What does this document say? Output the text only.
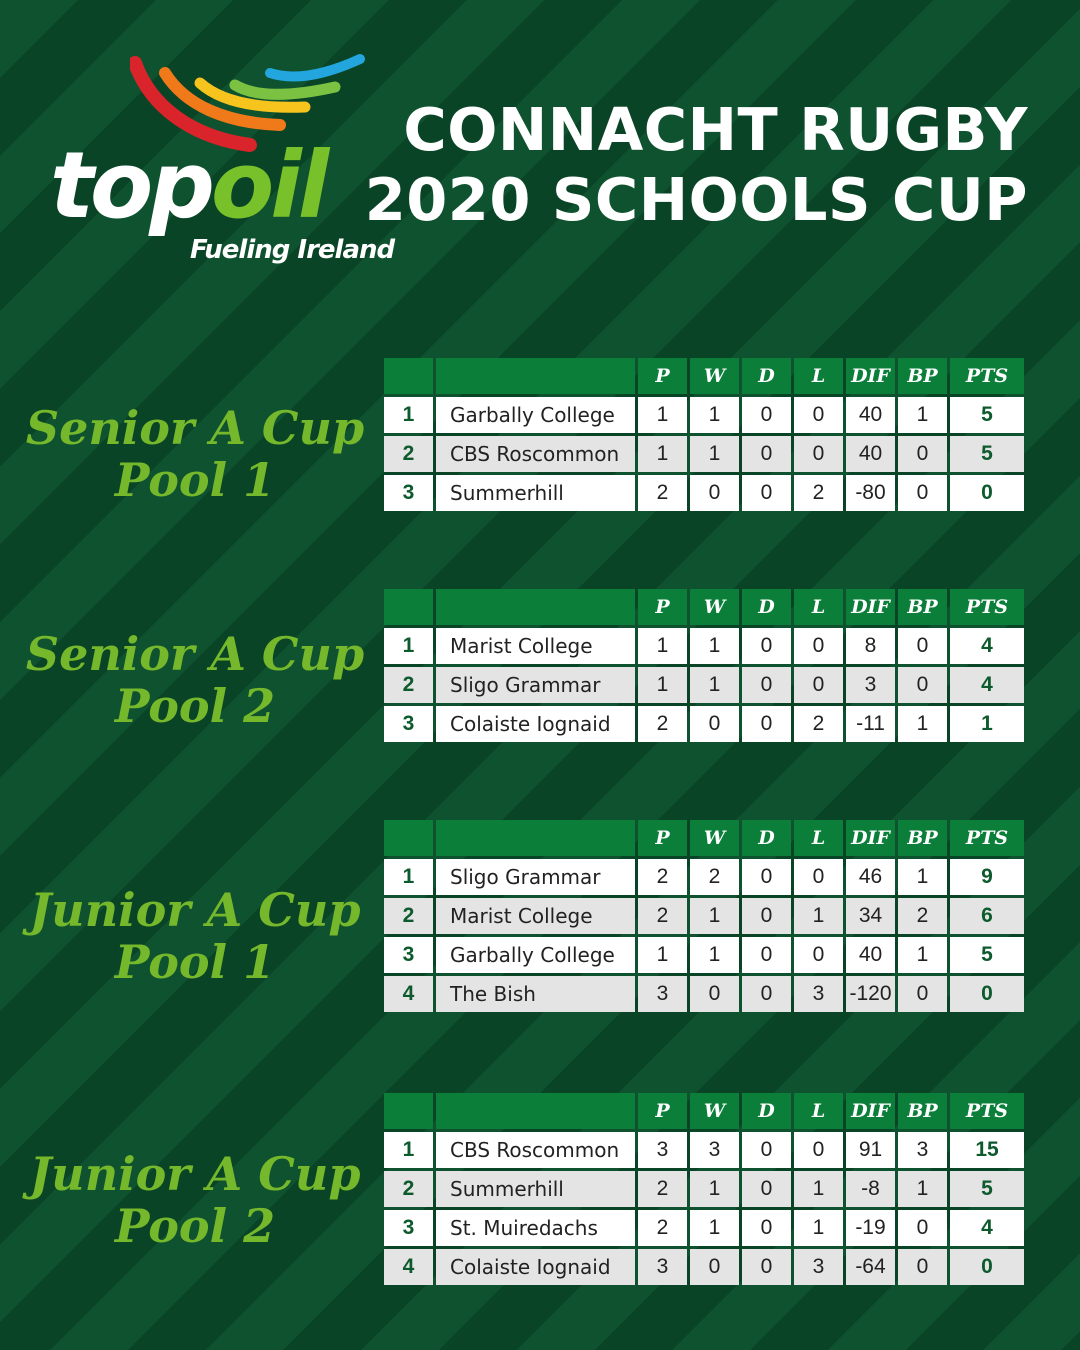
topoil
Fueling Ireland
CONNACHT RUGBY
2020 SCHOOLS CUP
Senior A Cup
Pool 1
Senior A Cup
Pool 2
Junior A Cup
Pool 1
Junior A Cup
Pool 2
		P	W	D	L	DIF	BP	PTS
1	Garbally College	1	1	0	0	40	1	5
2	CBS Roscommon	1	1	0	0	40	0	5
3	Summerhill	2	0	0	2	-80	0	0
		P	W	D	L	DIF	BP	PTS
1	Marist College	1	1	0	0	8	0	4
2	Sligo Grammar	1	1	0	0	3	0	4
3	Colaiste Iognaid	2	0	0	2	-11	1	1
		P	W	D	L	DIF	BP	PTS
1	Sligo Grammar	2	2	0	0	46	1	9
2	Marist College	2	1	0	1	34	2	6
3	Garbally College	1	1	0	0	40	1	5
4	The Bish	3	0	0	3	-120	0	0
		P	W	D	L	DIF	BP	PTS
1	CBS Roscommon	3	3	0	0	91	3	15
2	Summerhill	2	1	0	1	-8	1	5
3	St. Muiredachs	2	1	0	1	-19	0	4
4	Colaiste Iognaid	3	0	0	3	-64	0	0
